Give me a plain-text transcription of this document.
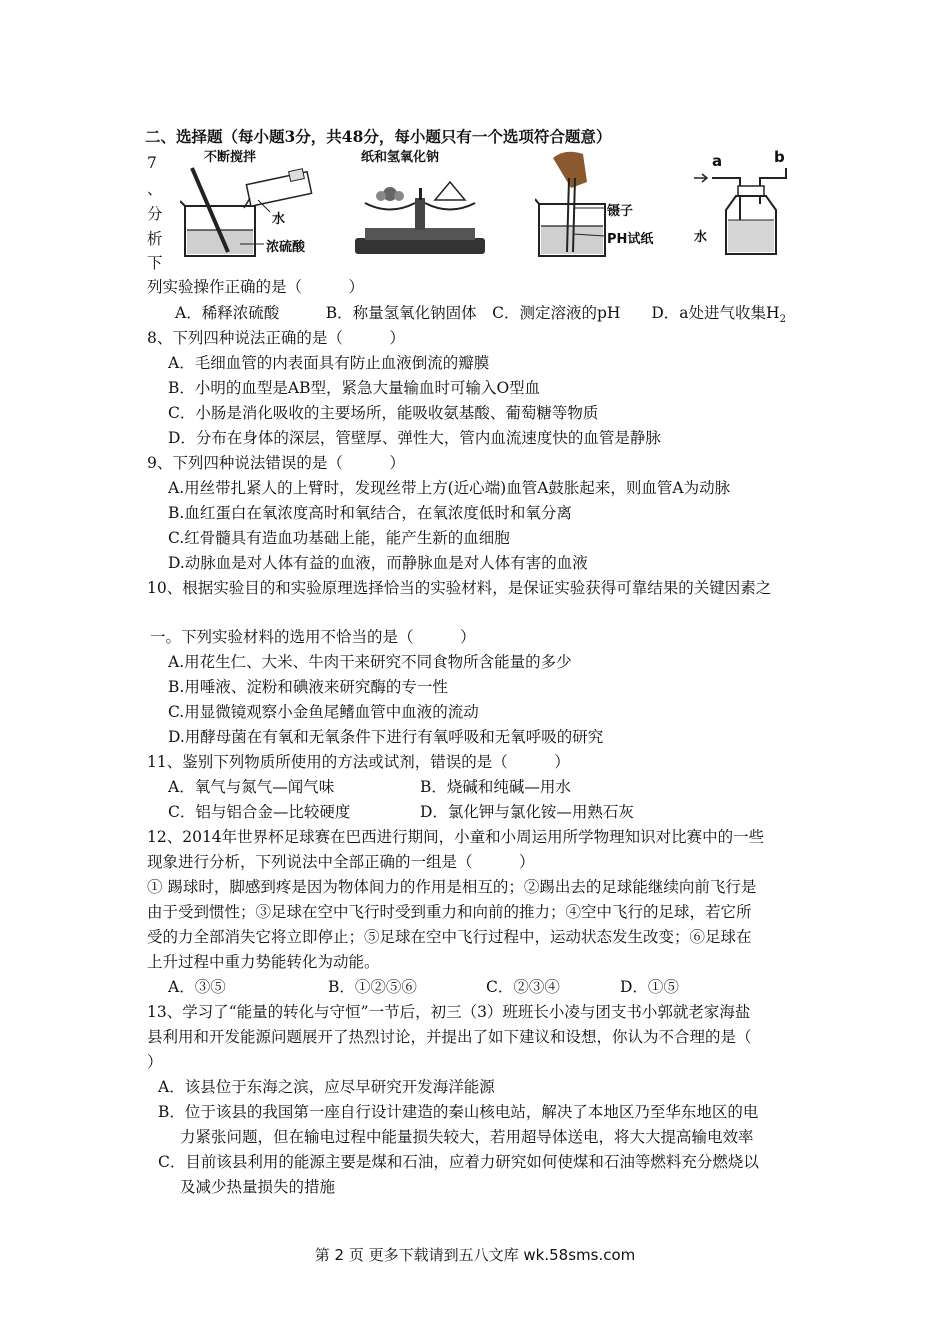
二、选择题（每小题3分，共48分，每小题只有一个选项符合题意）
7
、
分
析
下
不断搅拌
水
浓硫酸
纸和氢氧化钠
镊子
PH试纸
a	b
水
列实验操作正确的是（　　　）
A．稀释浓硫酸　　　B．称量氢氧化钠固体　C．测定溶液的pH　　D．a处进气收集$H_2$
8、下列四种说法正确的是（　　　）
A．毛细血管的内表面具有防止血液倒流的瓣膜
B．小明的血型是AB型，紧急大量输血时可输入O型血
C．小肠是消化吸收的主要场所，能吸收氨基酸、葡萄糖等物质
D．分布在身体的深层，管壁厚、弹性大，管内血流速度快的血管是静脉
9、下列四种说法错误的是（　　　）
A.用丝带扎紧人的上臂时，发现丝带上方(近心端)血管A鼓胀起来，则血管A为动脉
B.血红蛋白在氧浓度高时和氧结合，在氧浓度低时和氧分离
C.红骨髓具有造血功基础上能，能产生新的血细胞
D.动脉血是对人体有益的血液，而静脉血是对人体有害的血液
10、根据实验目的和实验原理选择恰当的实验材料，是保证实验获得可靠结果的关键因素之
一。下列实验材料的选用不恰当的是（　　　）
A.用花生仁、大米、牛肉干来研究不同食物所含能量的多少
B.用唾液、淀粉和碘液来研究酶的专一性
C.用显微镜观察小金鱼尾鳍血管中血液的流动
D.用酵母菌在有氧和无氧条件下进行有氧呼吸和无氧呼吸的研究
11、鉴别下列物质所使用的方法或试剂，错误的是（　　　）
A．氧气与氮气—闻气味	B．烧碱和纯碱—用水
C．铝与铝合金—比较硬度	D．氯化钾与氯化铵—用熟石灰
12、2014年世界杯足球赛在巴西进行期间，小童和小周运用所学物理知识对比赛中的一些
现象进行分析，下列说法中全部正确的一组是（　　　）
① 踢球时，脚感到疼是因为物体间力的作用是相互的；②踢出去的足球能继续向前飞行是
由于受到惯性；③足球在空中飞行时受到重力和向前的推力；④空中飞行的足球，若它所
受的力全部消失它将立即停止；⑤足球在空中飞行过程中，运动状态发生改变；⑥足球在
上升过程中重力势能转化为动能。
A．③⑤	B．①②⑤⑥	C．②③④	D．①⑤
13、学习了“能量的转化与守恒”一节后，初三（3）班班长小凌与团支书小郭就老家海盐
县利用和开发能源问题展开了热烈讨论，并提出了如下建议和设想，你认为不合理的是（
）
A．该县位于东海之滨，应尽早研究开发海洋能源
B．位于该县的我国第一座自行设计建造的秦山核电站，解决了本地区乃至华东地区的电
力紧张问题，但在输电过程中能量损失较大，若用超导体送电，将大大提高输电效率
C．目前该县利用的能源主要是煤和石油，应着力研究如何使煤和石油等燃料充分燃烧以
及减少热量损失的措施
第 2 页 更多下载请到五八文库 wk.58sms.com
